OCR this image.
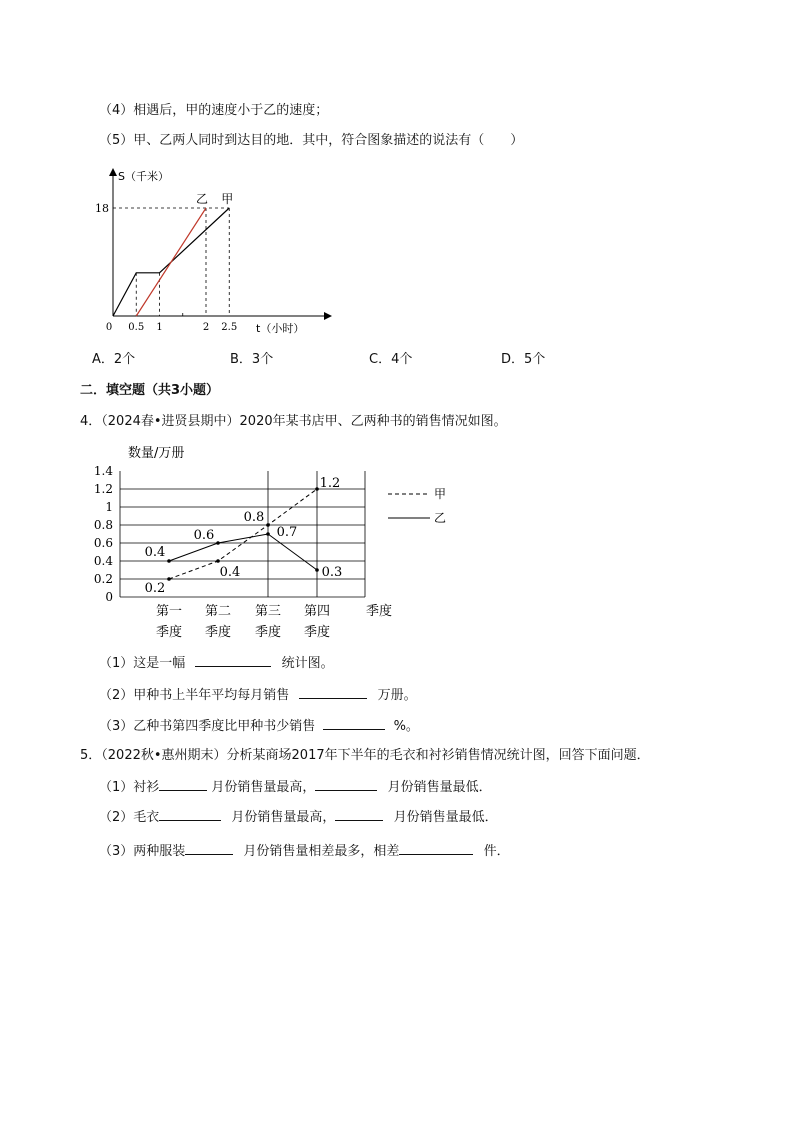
（4）相遇后，甲的速度小于乙的速度；
（5）甲、乙两人同时到达目的地．其中，符合图象描述的说法有（　　）
乙 甲
S（千米）
t（小时）
18
0 0.5 1	2 2.5
A．2个	B．3个	C．4个	D．5个
二．填空题（共3小题）
4．（2024春•进贤县期中）2020年某书店甲、乙两种书的销售情况如图。
1.4
1.2
1
0.8
0.6
0.4
0.2
0
数量/万册
第一
季度
第二
季度
第三
季度
第四
季度
季度
0.2
0.4
0.8
1.2
0.4
0.6	0.7
0.3
甲
乙
（1）这是一幅	统计图。
（2）甲种书上半年平均每月销售	万册。
（3）乙种书第四季度比甲种书少销售	%。
5．（2022秋•惠州期末）分析某商场2017年下半年的毛衣和衬衫销售情况统计图，回答下面问题．
（1）衬衫	月份销售量最高，	月份销售量最低．
（2）毛衣	月份销售量最高，	月份销售量最低．
（3）两种服装	月份销售量相差最多，相差	件．
